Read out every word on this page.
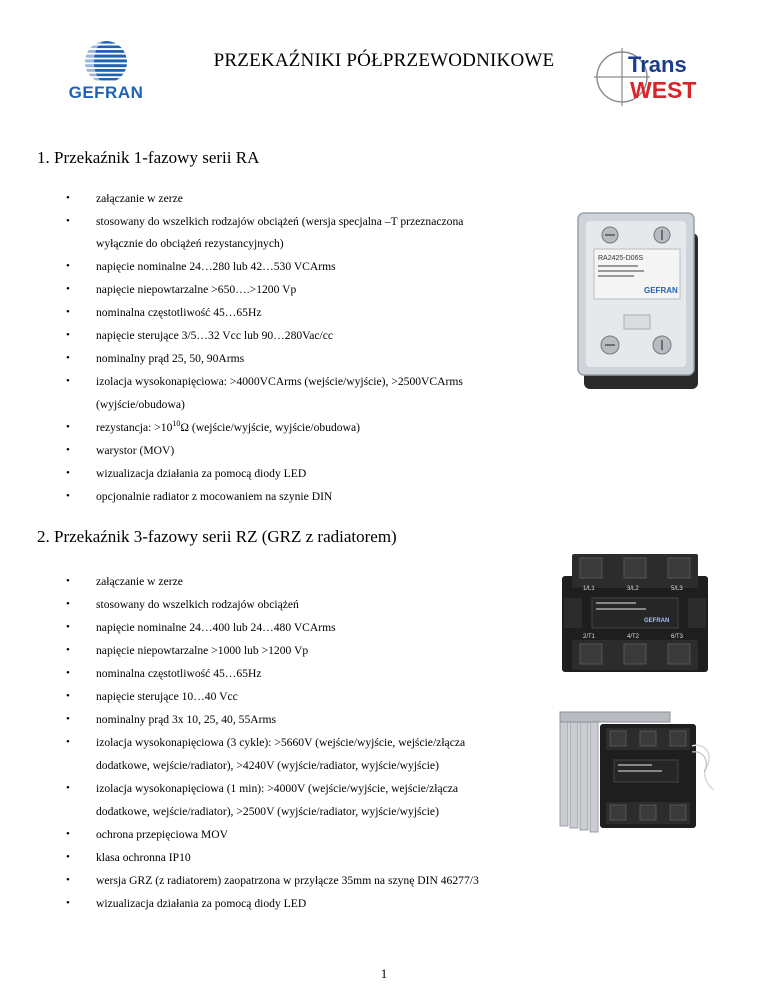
GEFRAN
Trans
WEST
PRZEKAŹNIKI PÓŁPRZEWODNIKOWE
1. Przekaźnik 1-fazowy serii RA
• załączanie w zerze
• stosowany do wszelkich rodzajów obciążeń (wersja specjalna –T przeznaczona
wyłącznie do obciążeń rezystancyjnych)
• napięcie nominalne 24…280 lub 42…530 VCArms
• napięcie niepowtarzalne >650….>1200 Vp
• nominalna częstotliwość 45…65Hz
• napięcie sterujące 3/5…32 Vcc lub 90…280Vac/cc
• nominalny prąd 25, 50, 90Arms
• izolacja wysokonapięciowa: >4000VCArms (wejście/wyjście), >2500VCArms
(wyjście/obudowa)
• rezystancja: $>10^{10}\Omega$ (wejście/wyjście, wyjście/obudowa)
• warystor (MOV)
• wizualizacja działania za pomocą diody LED
• opcjonalnie radiator z mocowaniem na szynie DIN
RA2425-D06S
GEFRAN
2. Przekaźnik 3-fazowy serii RZ (GRZ z radiatorem)
• załączanie w zerze
• stosowany do wszelkich rodzajów obciążeń
• napięcie nominalne 24…400 lub 24…480 VCArms
• napięcie niepowtarzalne >1000 lub >1200 Vp
• nominalna częstotliwość 45…65Hz
• napięcie sterujące 10…40 Vcc
• nominalny prąd 3x 10, 25, 40, 55Arms
• izolacja wysokonapięciowa (3 cykle): >5660V (wejście/wyjście, wejście/złącza
dodatkowe, wejście/radiator), >4240V (wyjście/radiator, wyjście/wyjście)
• izolacja wysokonapięciowa (1 min): >4000V (wejście/wyjście, wejście/złącza
dodatkowe, wejście/radiator), >2500V (wyjście/radiator, wyjście/wyjście)
• ochrona przepięciowa MOV
• klasa ochronna IP10
• wersja GRZ (z radiatorem) zaopatrzona w przyłącze 35mm na szynę DIN 46277/3
• wizualizacja działania za pomocą diody LED
1/L1	3/L2	5/L3
GEFRAN
2/T1	4/T2	6/T3
1
